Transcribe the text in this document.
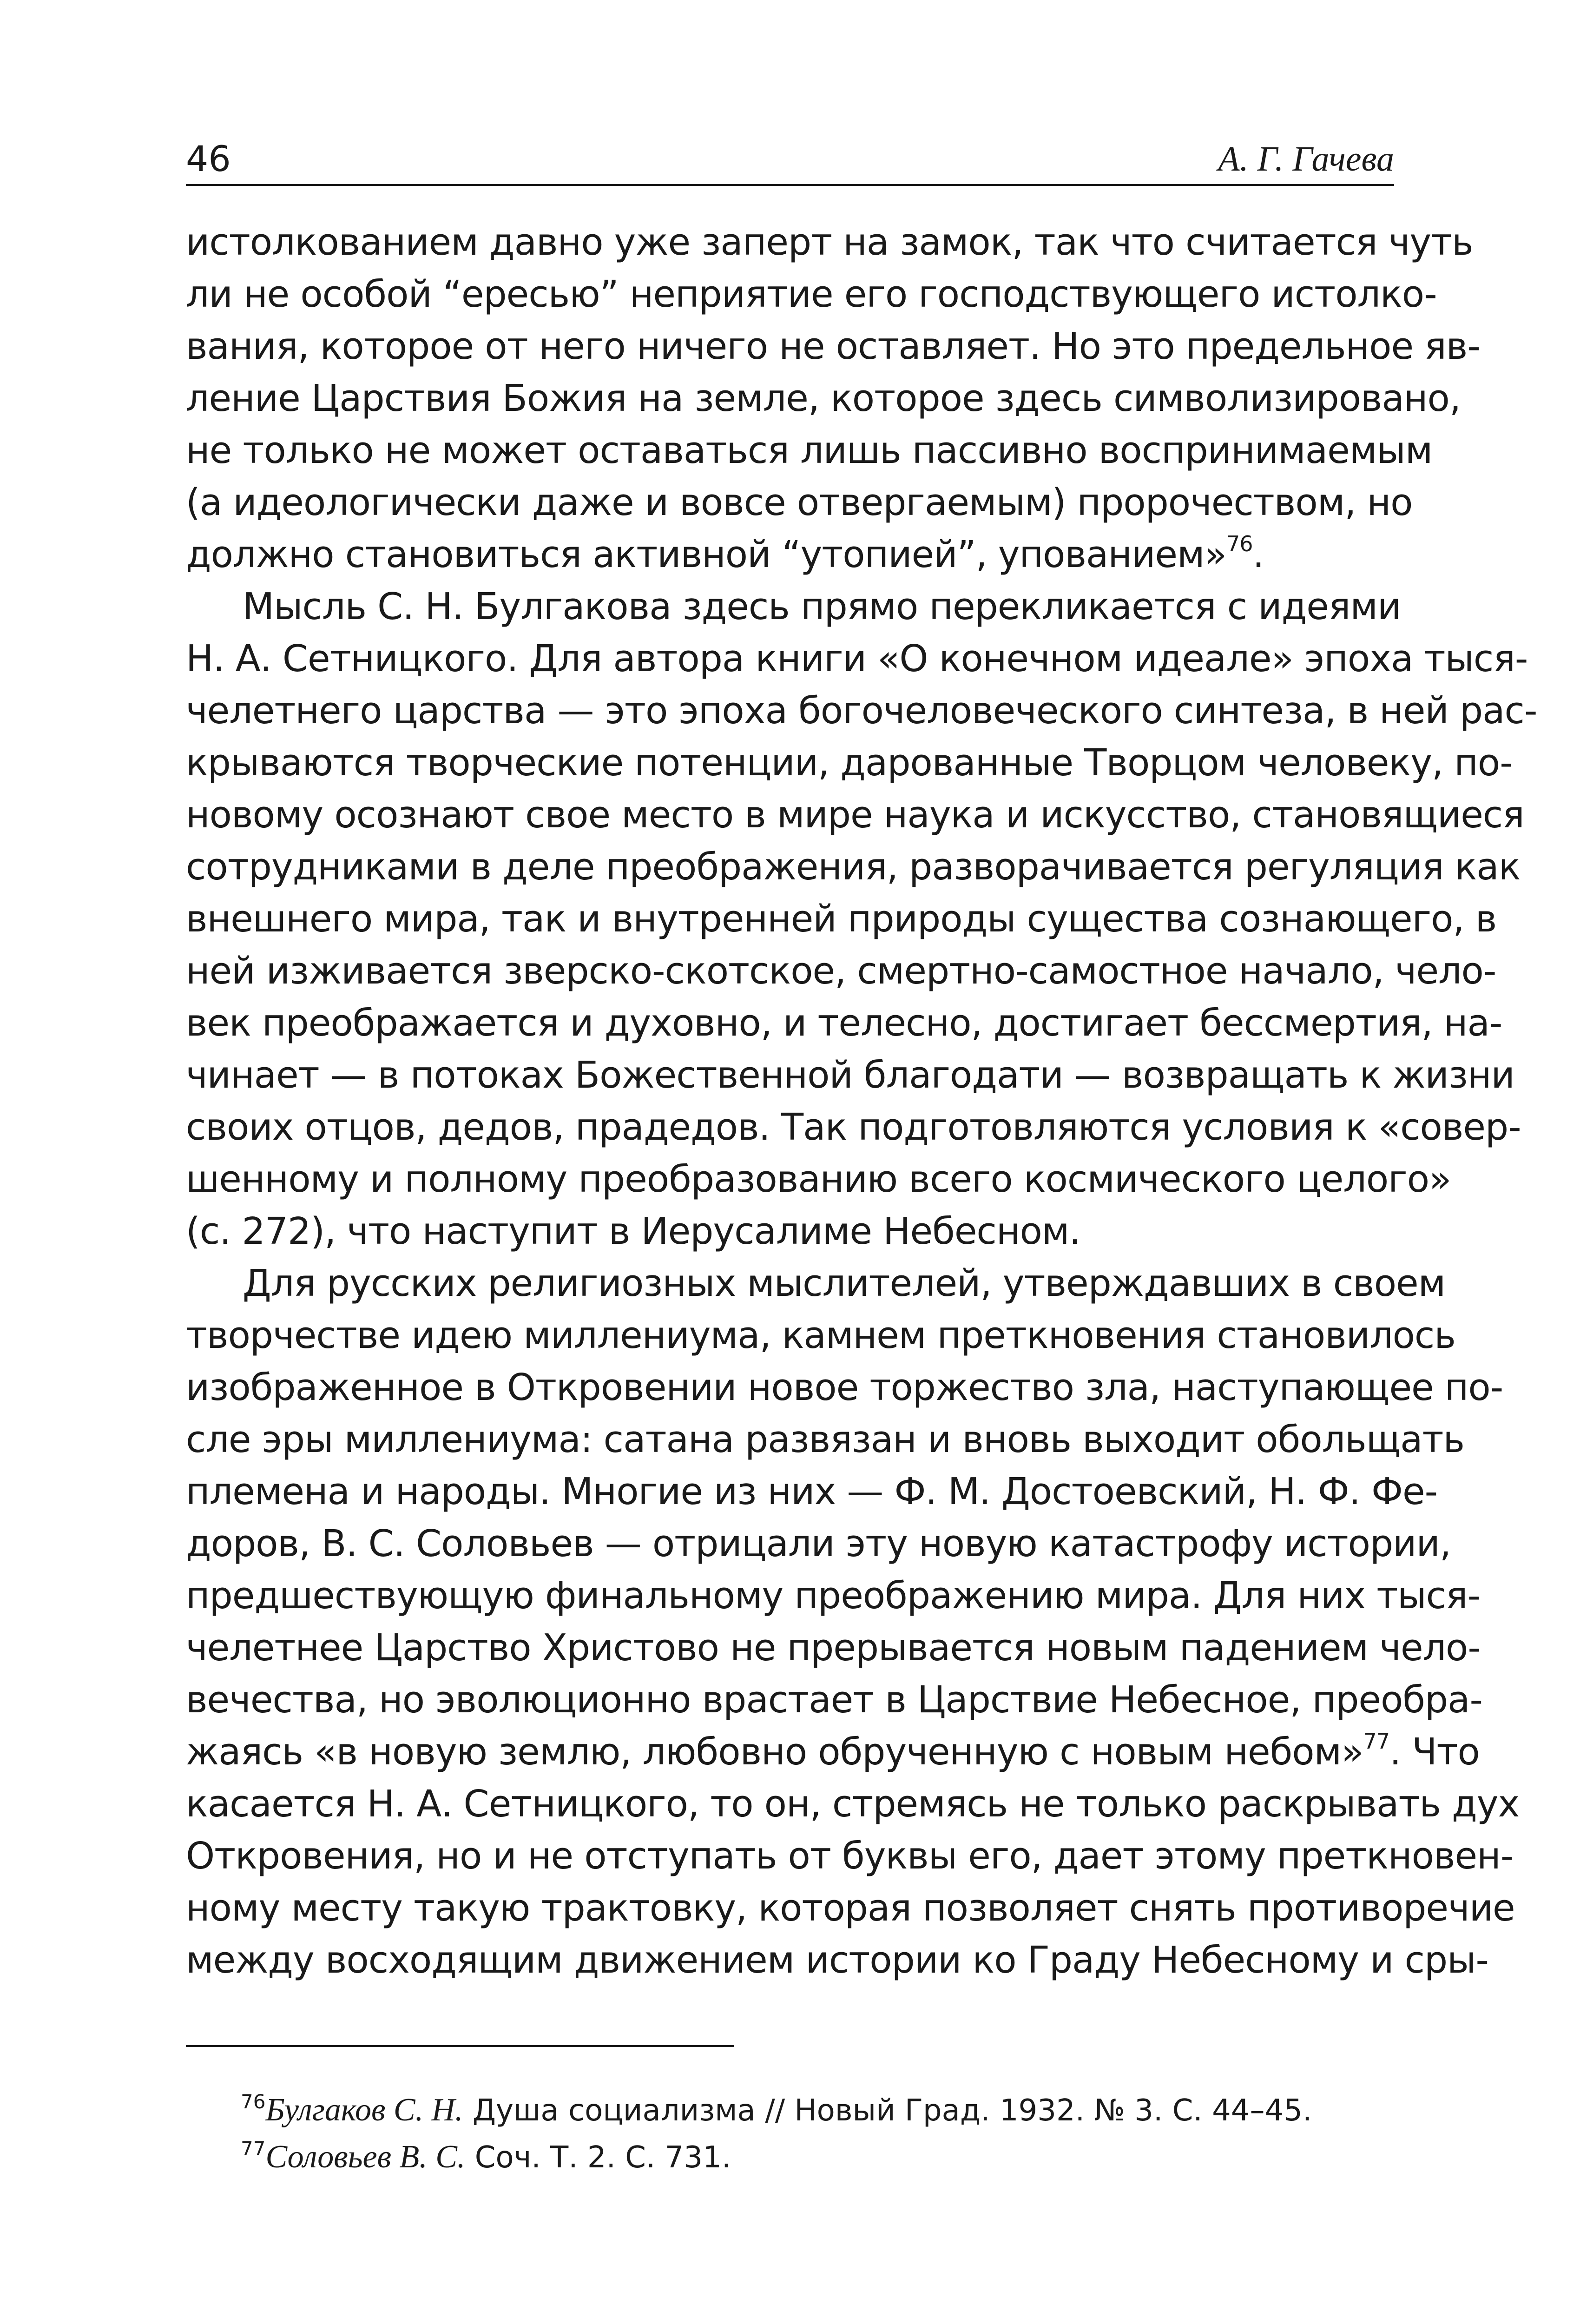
46	А. Г. Гачева
истолкованием давно уже заперт на замок, так что считается чуть
ли не особой “ересью” неприятие его господствующего истолко-
вания, которое от него ничего не оставляет. Но это предельное яв-
ление Царствия Божия на земле, которое здесь символизировано,
не только не может оставаться лишь пассивно воспринимаемым
(а идеологически даже и вовсе отвергаемым) пророчеством, но
должно становиться активной “утопией”, упованием»$^{76}$.
Мысль С. Н. Булгакова здесь прямо перекликается с идеями
Н. А. Сетницкого. Для автора книги «О конечном идеале» эпоха тыся-
челетнего царства — это эпоха богочеловеческого синтеза, в ней рас-
крываются творческие потенции, дарованные Творцом человеку, по-
новому осознают свое место в мире наука и искусство, становящиеся
сотрудниками в деле преображения, разворачивается регуляция как
внешнего мира, так и внутренней природы существа сознающего, в
ней изживается зверско-скотское, смертно-самостное начало, чело-
век преображается и духовно, и телесно, достигает бессмертия, на-
чинает — в потоках Божественной благодати — возвращать к жизни
своих отцов, дедов, прадедов. Так подготовляются условия к «совер-
шенному и полному преобразованию всего космического целого»
(с. 272), что наступит в Иерусалиме Небесном.
Для русских религиозных мыслителей, утверждавших в своем
творчестве идею миллениума, камнем преткновения становилось
изображенное в Откровении новое торжество зла, наступающее по-
сле эры миллениума: сатана развязан и вновь выходит обольщать
племена и народы. Многие из них — Ф. М. Достоевский, Н. Ф. Фе-
доров, В. С. Соловьев — отрицали эту новую катастрофу истории,
предшествующую финальному преображению мира. Для них тыся-
челетнее Царство Христово не прерывается новым падением чело-
вечества, но эволюционно врастает в Царствие Небесное, преобра-
жаясь «в новую землю, любовно обрученную с новым небом»$^{77}$. Что
касается Н. А. Сетницкого, то он, стремясь не только раскрывать дух
Откровения, но и не отступать от буквы его, дает этому преткновен-
ному месту такую трактовку, которая позволяет снять противоречие
между восходящим движением истории ко Граду Небесному и сры-
$^{76}$Булгаков С. Н. Душа социализма // Новый Град. 1932. № 3. С. 44–45.
$^{77}$Соловьев В. С. Соч. Т. 2. С. 731.
